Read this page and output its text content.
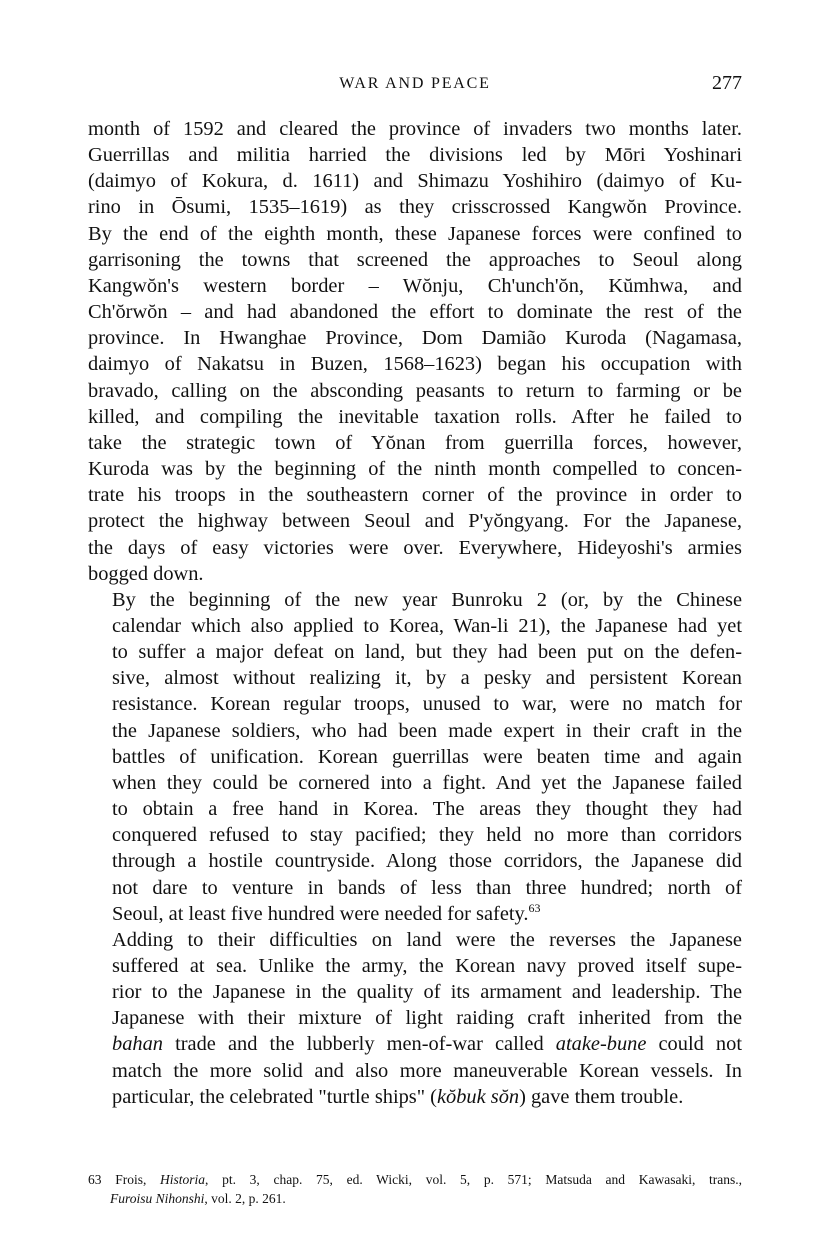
WAR AND PEACE	277

month of 1592 and cleared the province of invaders two months later.
Guerrillas and militia harried the divisions led by Mōri Yoshinari
(daimyo of Kokura, d. 1611) and Shimazu Yoshihiro (daimyo of Ku-
rino in Ōsumi, 1535–1619) as they crisscrossed Kangwŏn Province.
By the end of the eighth month, these Japanese forces were confined to
garrisoning the towns that screened the approaches to Seoul along
Kangwŏn's western border – Wŏnju, Ch'unch'ŏn, Kŭmhwa, and
Ch'ŏrwŏn – and had abandoned the effort to dominate the rest of the
province. In Hwanghae Province, Dom Damião Kuroda (Nagamasa,
daimyo of Nakatsu in Buzen, 1568–1623) began his occupation with
bravado, calling on the absconding peasants to return to farming or be
killed, and compiling the inevitable taxation rolls. After he failed to
take the strategic town of Yŏnan from guerrilla forces, however,
Kuroda was by the beginning of the ninth month compelled to concen-
trate his troops in the southeastern corner of the province in order to
protect the highway between Seoul and P'yŏngyang. For the Japanese,
the days of easy victories were over. Everywhere, Hideyoshi's armies
bogged down.

By the beginning of the new year Bunroku 2 (or, by the Chinese
calendar which also applied to Korea, Wan-li 21), the Japanese had yet
to suffer a major defeat on land, but they had been put on the defen-
sive, almost without realizing it, by a pesky and persistent Korean
resistance. Korean regular troops, unused to war, were no match for
the Japanese soldiers, who had been made expert in their craft in the
battles of unification. Korean guerrillas were beaten time and again
when they could be cornered into a fight. And yet the Japanese failed
to obtain a free hand in Korea. The areas they thought they had
conquered refused to stay pacified; they held no more than corridors
through a hostile countryside. Along those corridors, the Japanese did
not dare to venture in bands of less than three hundred; north of
Seoul, at least five hundred were needed for safety.$^{63}$

Adding to their difficulties on land were the reverses the Japanese
suffered at sea. Unlike the army, the Korean navy proved itself supe-
rior to the Japanese in the quality of its armament and leadership. The
Japanese with their mixture of light raiding craft inherited from the
bahan trade and the lubberly men-of-war called atake-bune could not
match the more solid and also more maneuverable Korean vessels. In
particular, the celebrated "turtle ships" (kŏbuk sŏn) gave them trouble.

63 Frois, Historia, pt. 3, chap. 75, ed. Wicki, vol. 5, p. 571; Matsuda and Kawasaki, trans.,
Furoisu Nihonshi, vol. 2, p. 261.
